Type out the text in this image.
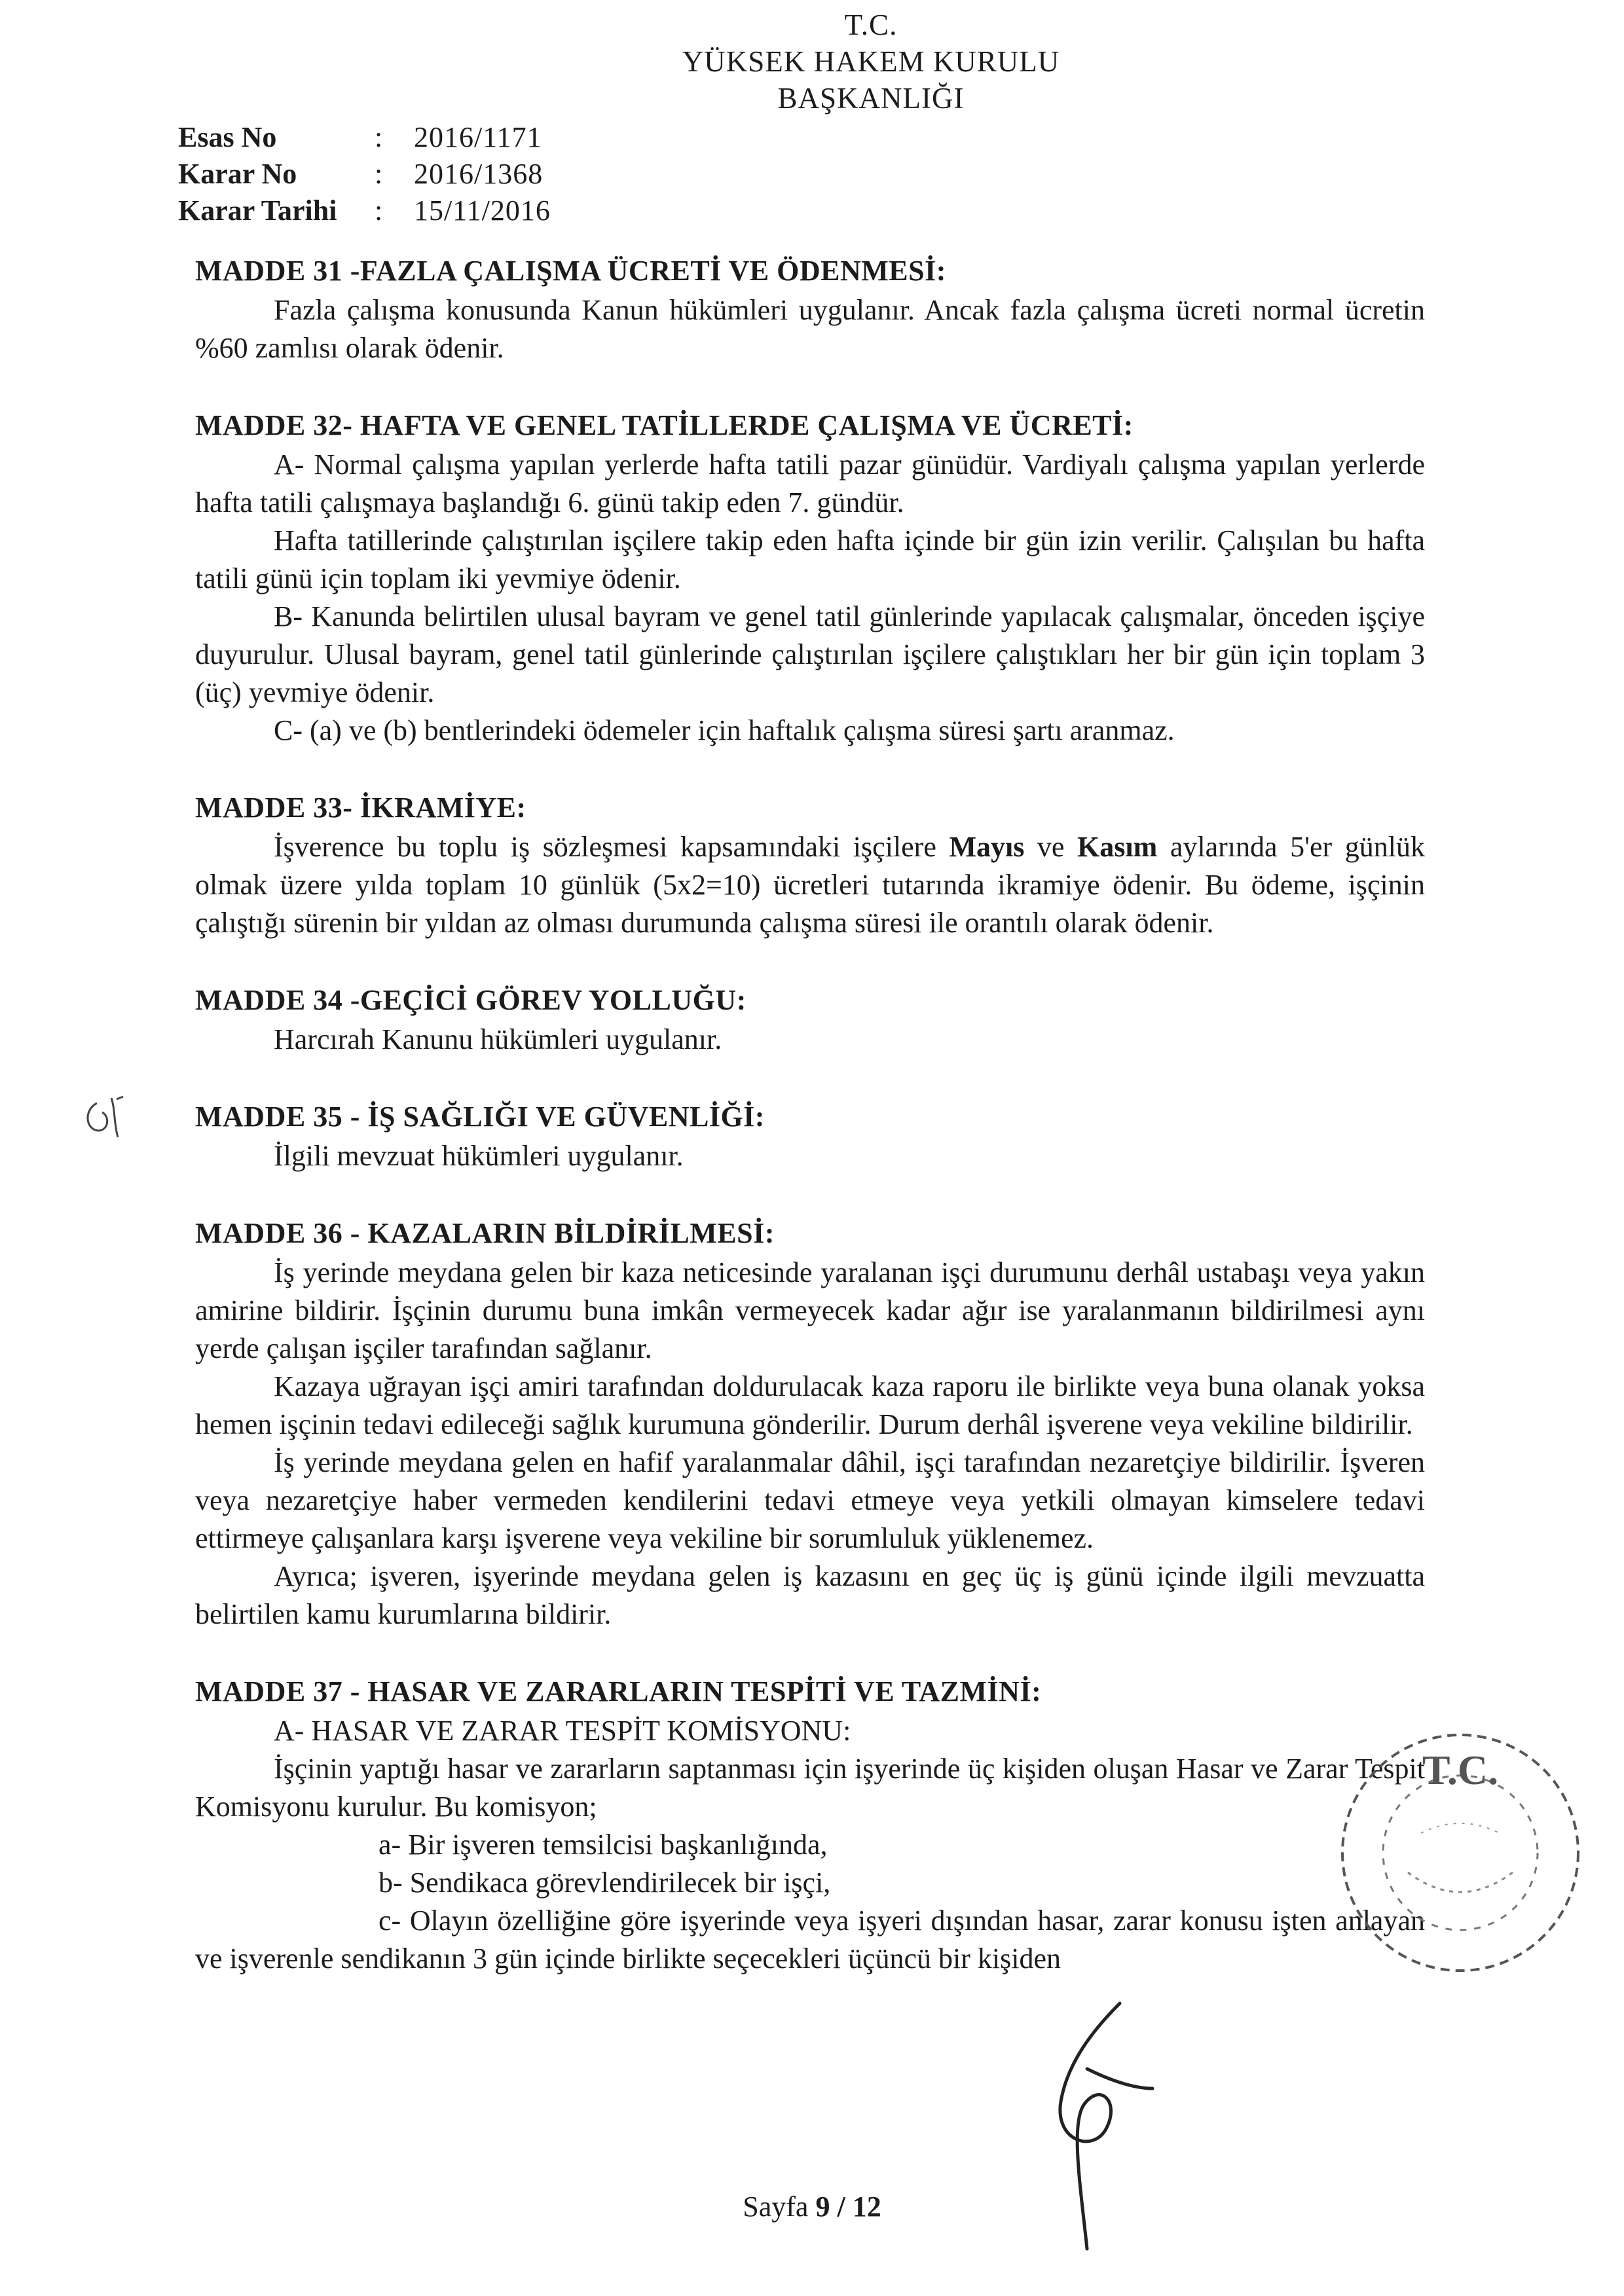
T.C.
YÜKSEK HAKEM KURULU
BAŞKANLIĞI
Esas No	:	2016/1171
Karar No	:	2016/1368
Karar Tarihi	:	15/11/2016
MADDE 31 -FAZLA ÇALIŞMA ÜCRETİ VE ÖDENMESİ:

Fazla çalışma konusunda Kanun hükümleri uygulanır. Ancak fazla çalışma ücreti normal ücretin %60 zamlısı olarak ödenir.

MADDE 32- HAFTA VE GENEL TATİLLERDE ÇALIŞMA VE ÜCRETİ:

A- Normal çalışma yapılan yerlerde hafta tatili pazar günüdür. Vardiyalı çalışma yapılan yerlerde hafta tatili çalışmaya başlandığı 6. günü takip eden 7. gündür.

Hafta tatillerinde çalıştırılan işçilere takip eden hafta içinde bir gün izin verilir. Çalışılan bu hafta tatili günü için toplam iki yevmiye ödenir.

B- Kanunda belirtilen ulusal bayram ve genel tatil günlerinde yapılacak çalışmalar, önceden işçiye duyurulur. Ulusal bayram, genel tatil günlerinde çalıştırılan işçilere çalıştıkları her bir gün için toplam 3 (üç) yevmiye ödenir.

C- (a) ve (b) bentlerindeki ödemeler için haftalık çalışma süresi şartı aranmaz.

MADDE 33- İKRAMİYE:

İşverence bu toplu iş sözleşmesi kapsamındaki işçilere Mayıs ve Kasım aylarında 5'er günlük olmak üzere yılda toplam 10 günlük (5x2=10) ücretleri tutarında ikramiye ödenir. Bu ödeme, işçinin çalıştığı sürenin bir yıldan az olması durumunda çalışma süresi ile orantılı olarak ödenir.

MADDE 34 -GEÇİCİ GÖREV YOLLUĞU:

Harcırah Kanunu hükümleri uygulanır.

MADDE 35 - İŞ SAĞLIĞI VE GÜVENLİĞİ:

İlgili mevzuat hükümleri uygulanır.

MADDE 36 - KAZALARIN BİLDİRİLMESİ:

İş yerinde meydana gelen bir kaza neticesinde yaralanan işçi durumunu derhâl ustabaşı veya yakın amirine bildirir. İşçinin durumu buna imkân vermeyecek kadar ağır ise yaralanmanın bildirilmesi aynı yerde çalışan işçiler tarafından sağlanır.

Kazaya uğrayan işçi amiri tarafından doldurulacak kaza raporu ile birlikte veya buna olanak yoksa hemen işçinin tedavi edileceği sağlık kurumuna gönderilir. Durum derhâl işverene veya vekiline bildirilir.

İş yerinde meydana gelen en hafif yaralanmalar dâhil, işçi tarafından nezaretçiye bildirilir. İşveren veya nezaretçiye haber vermeden kendilerini tedavi etmeye veya yetkili olmayan kimselere tedavi ettirmeye çalışanlara karşı işverene veya vekiline bir sorumluluk yüklenemez.

Ayrıca; işveren, işyerinde meydana gelen iş kazasını en geç üç iş günü içinde ilgili mevzuatta belirtilen kamu kurumlarına bildirir.

MADDE 37 - HASAR VE ZARARLARIN TESPİTİ VE TAZMİNİ:

A- HASAR VE ZARAR TESPİT KOMİSYONU:

İşçinin yaptığı hasar ve zararların saptanması için işyerinde üç kişiden oluşan Hasar ve Zarar Tespit Komisyonu kurulur. Bu komisyon;

a- Bir işveren temsilcisi başkanlığında,

b- Sendikaca görevlendirilecek bir işçi,

c- Olayın özelliğine göre işyerinde veya işyeri dışından hasar, zarar konusu işten anlayan ve işverenle sendikanın 3 gün içinde birlikte seçecekleri üçüncü bir kişiden

T.C.
Sayfa 9 / 12
